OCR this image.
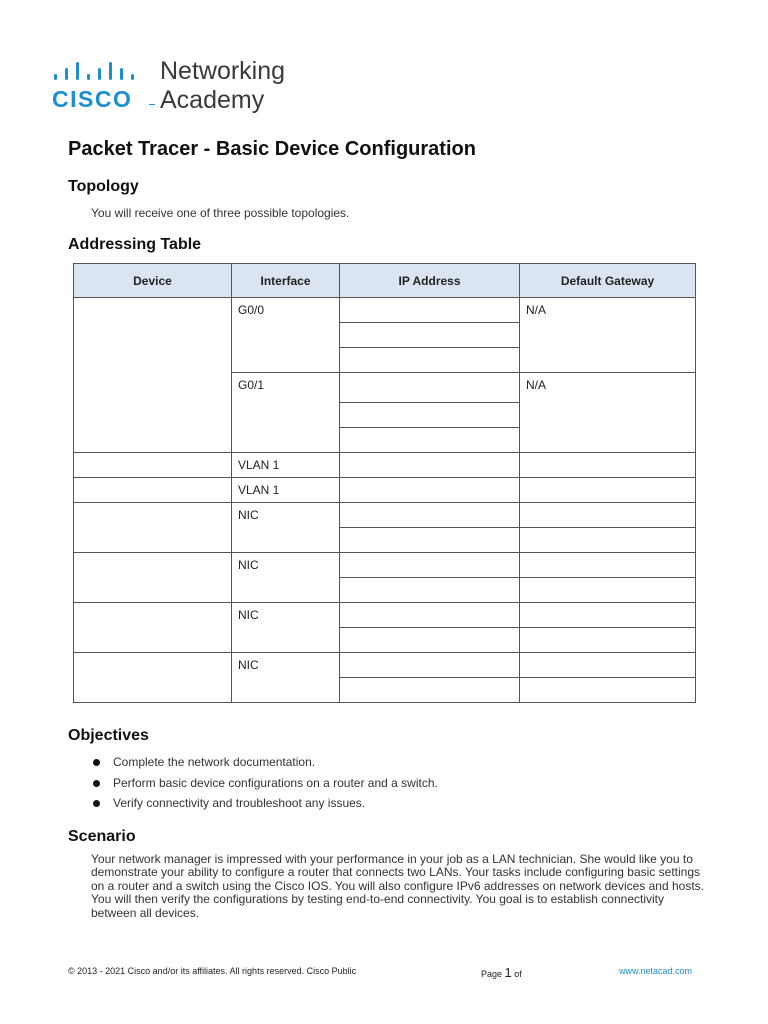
CISCO
Networking
Academy
Packet Tracer - Basic Device Configuration
Topology
You will receive one of three possible topologies.
Addressing Table
Device	Interface	IP Address	Default Gateway
	G0/0		N/A

	G0/1		N/A

	VLAN 1		
	VLAN 1		
	NIC		

	NIC		

	NIC		

	NIC		

Objectives
Complete the network documentation.
Perform basic device configurations on a router and a switch.
Verify connectivity and troubleshoot any issues.
Scenario

Your network manager is impressed with your performance in your job as a LAN technician. She would like you to demonstrate your ability to configure a router that connects two LANs. Your tasks include configuring basic settings on a router and a switch using the Cisco IOS. You will also configure IPv6 addresses on network devices and hosts. You will then verify the configurations by testing end-to-end connectivity. You goal is to establish connectivity between all devices.

© 2013 - 2021 Cisco and/or its affiliates. All rights reserved. Cisco Public	Page 1 of	www.netacad.com
